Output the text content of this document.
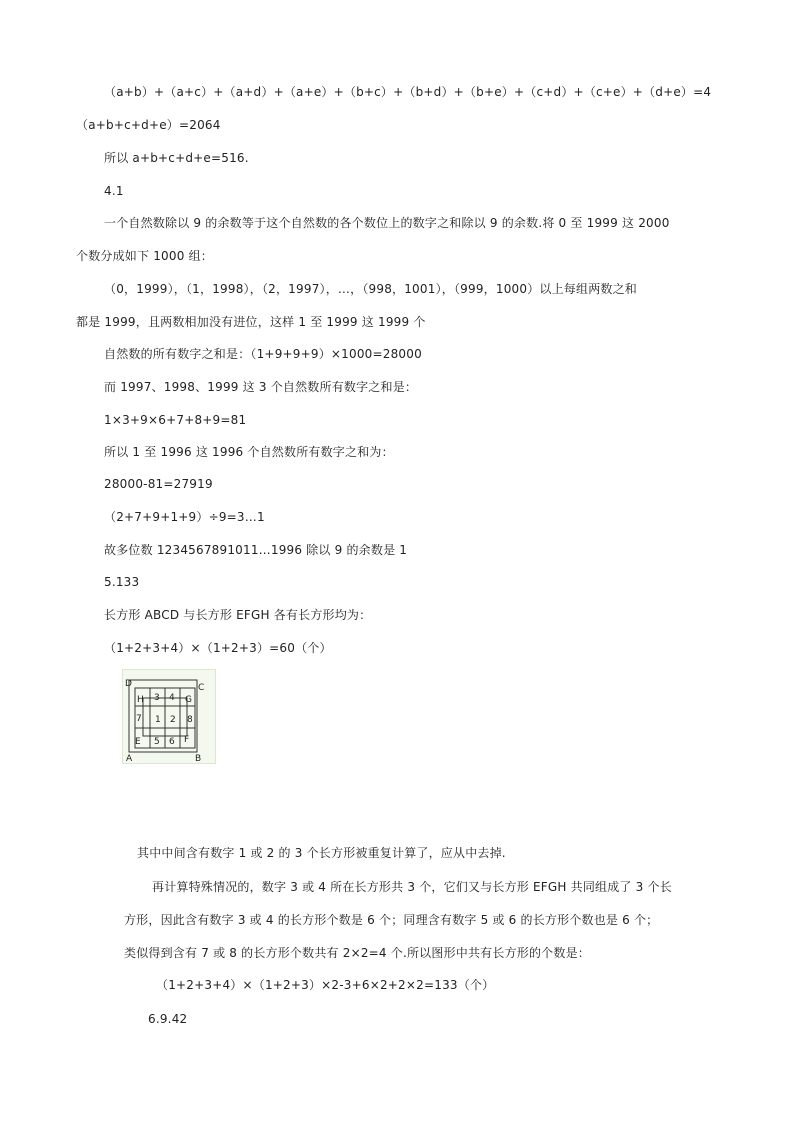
（a+b）+（a+c）+（a+d）+（a+e）+（b+c）+（b+d）+（b+e）+（c+d）+（c+e）+（d+e）=4
（a+b+c+d+e）=2064
所以 a+b+c+d+e=516.
4.1
一个自然数除以 9 的余数等于这个自然数的各个数位上的数字之和除以 9 的余数.将 0 至 1999 这 2000
个数分成如下 1000 组：
（0，1999），（1，1998），（2，1997），…，（998，1001），（999，1000）以上每组两数之和
都是 1999，且两数相加没有进位，这样 1 至 1999 这 1999 个
自然数的所有数字之和是：（1+9+9+9）×1000=28000
而 1997、1998、1999 这 3 个自然数所有数字之和是：
1×3+9×6+7+8+9=81
所以 1 至 1996 这 1996 个自然数所有数字之和为：
28000-81=27919
（2+7+9+1+9）÷9=3…1
故多位数 1234567891011…1996 除以 9 的余数是 1
5.133
长方形 ABCD 与长方形 EFGH 各有长方形均为：
（1+2+3+4）×（1+2+3）=60（个）
D	C
A	B
H	G
E	F
3 4
7 1 2 8
5 6
其中中间含有数字 1 或 2 的 3 个长方形被重复计算了，应从中去掉.
再计算特殊情况的，数字 3 或 4 所在长方形共 3 个，它们又与长方形 EFGH 共同组成了 3 个长
方形，因此含有数字 3 或 4 的长方形个数是 6 个；同理含有数字 5 或 6 的长方形个数也是 6 个；
类似得到含有 7 或 8 的长方形个数共有 2×2=4 个.所以图形中共有长方形的个数是：
（1+2+3+4）×（1+2+3）×2-3+6×2+2×2=133（个）
6.9.42
